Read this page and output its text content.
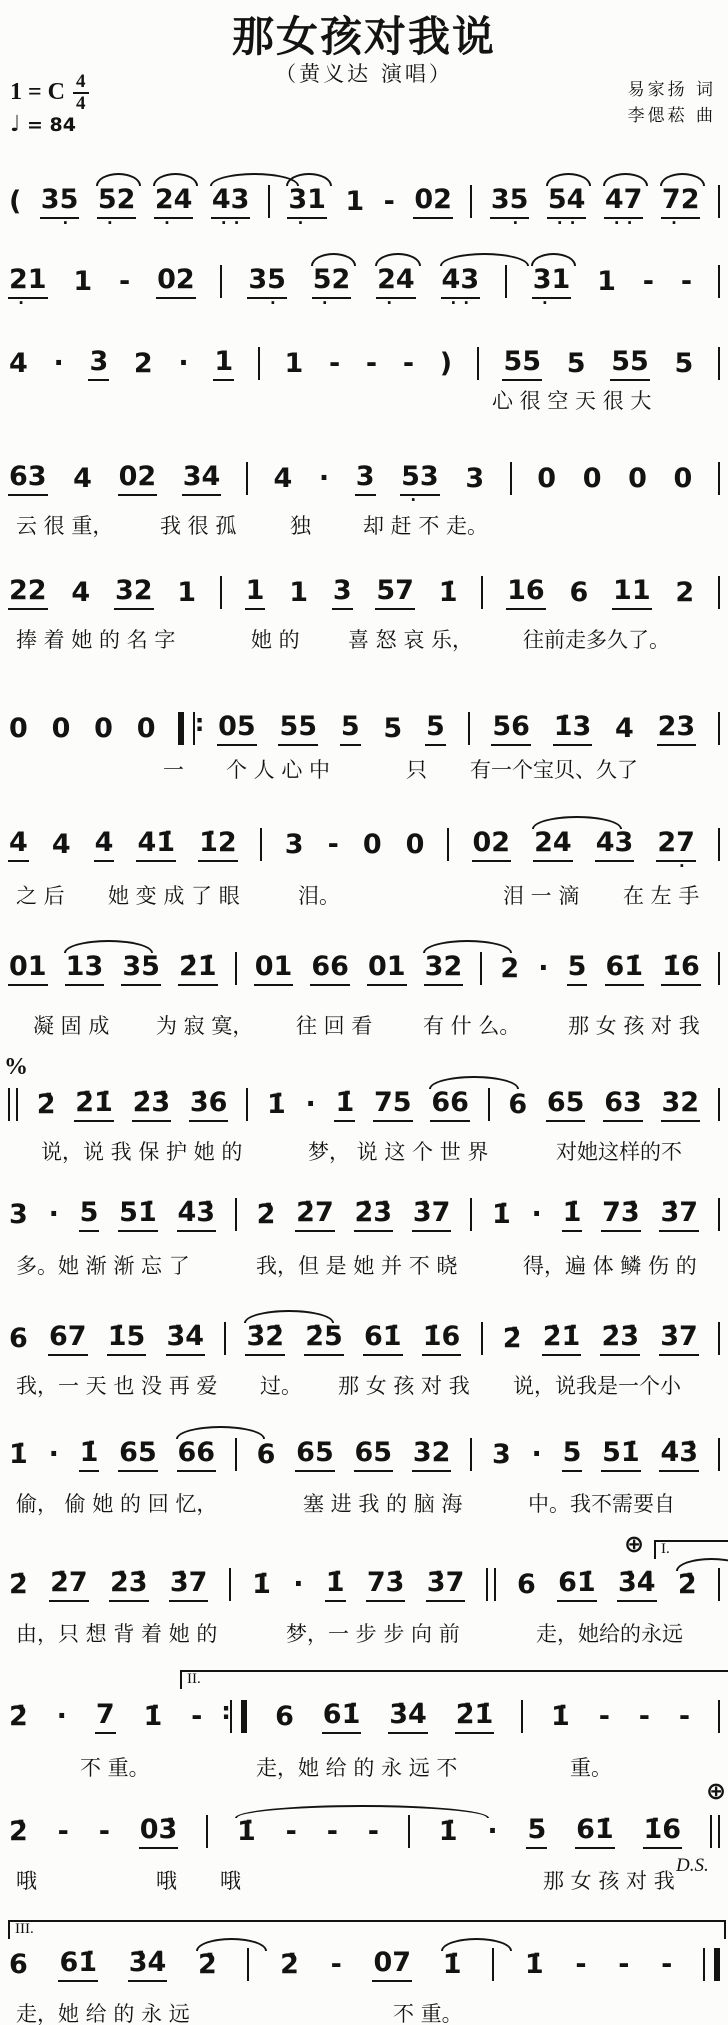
那女孩对我说
（黄义达 演唱）
易家扬 词
李偲菘 曲
1 = C $\frac{4}{4}$
♩ = 84
( 35
·
52
·
24
·
43
· ·
31
·
1 - 02 35
·
54
· ·
47
· ·
72
·
21
·
1 - 02 35
·
52
·
24
·
43
· ·
31
·
1 - -
4 · 3 2 · 1 1 - - - ) 55 5 55 5
心 很 空 天 很 大
63 4 02 34 4 · 3 53
·
3 0 0 0 0
云 很 重， 我 很 孤	独 却 赶 不 走。
22 4 32 1 1 1 3 57 1̇ 16 6 11 2
捧 着 她 的 名 字	她 的 喜 怒 哀 乐， 往前走多久了。
0 0 0 0 : 05 55 5 5 5 56 1̇3 4 23
一 个 人 心 中	只 有一个宝贝、久了
4 4 4 41̇ 1̇2 3 - 0 0 02 24 43 27
·
之 后 她 变 成 了 眼	泪。	泪 一 滴 在 左 手
01 13 35 2̇1̇ 01 66 01 32 2 · 5 61̇ 1̇6
凝 固 成 为 寂 寞， 往 回 看 有 什 么。 那 女 孩 对 我
2̇ 2̇1̇ 2̇3̇ 3̇6 1̇ · 1̇ 75 66 6 65 63 32
说，说 我 保 护 她 的	梦， 说 这 个 世 界	对她这样的不
%
3 · 5 51̇ 4̇3̇ 2̇ 2̇7 2̇3̇ 3̇7 1̇ · 1̇ 73̇ 3̇7
多。她 渐 渐 忘 了	我，但 是 她 并 不 晓	得，遍 体 鳞 伤 的
6 67 1̇5 3̇4̇ 3̇2̇ 2̇5 61̇ 1̇6 2̇ 2̇1̇ 2̇3̇ 3̇7
我，一 天 也 没 再 爱 过。 那 女 孩 对 我 说，说我是一个小
1̇ · 1̇ 65 66 6 65 65 32 3 · 5 51̇ 4̇3̇
偷， 偷 她 的 回 忆，	塞 进 我 的 脑 海	中。我不需要自
2̇ 2̇7 2̇3̇ 3̇7 1̇ · 1̇ 73̇ 3̇7 6 61̇ 3̇4̇ 2̇
由，只 想 背 着 她 的	梦，一 步 步 向 前	走，她给的永远
⊕ I.
2̇ · 7 1̇ - :	6 61̇ 3̇4̇ 2̇1̇ 1̇ - - -
不 重。	走，她 给 的 永 远 不	重。
II.
2̇ - - 03̇ 1̇ - - - 1̇ · 5 61̇ 1̇6
哦	哦 哦	那 女 孩 对 我
⊕
D.S.
6 61̇ 3̇4̇ 2̇ 2̇ - 07 1̇ 1̇ - - -
走，她 给 的 永 远	不 重。
III.
